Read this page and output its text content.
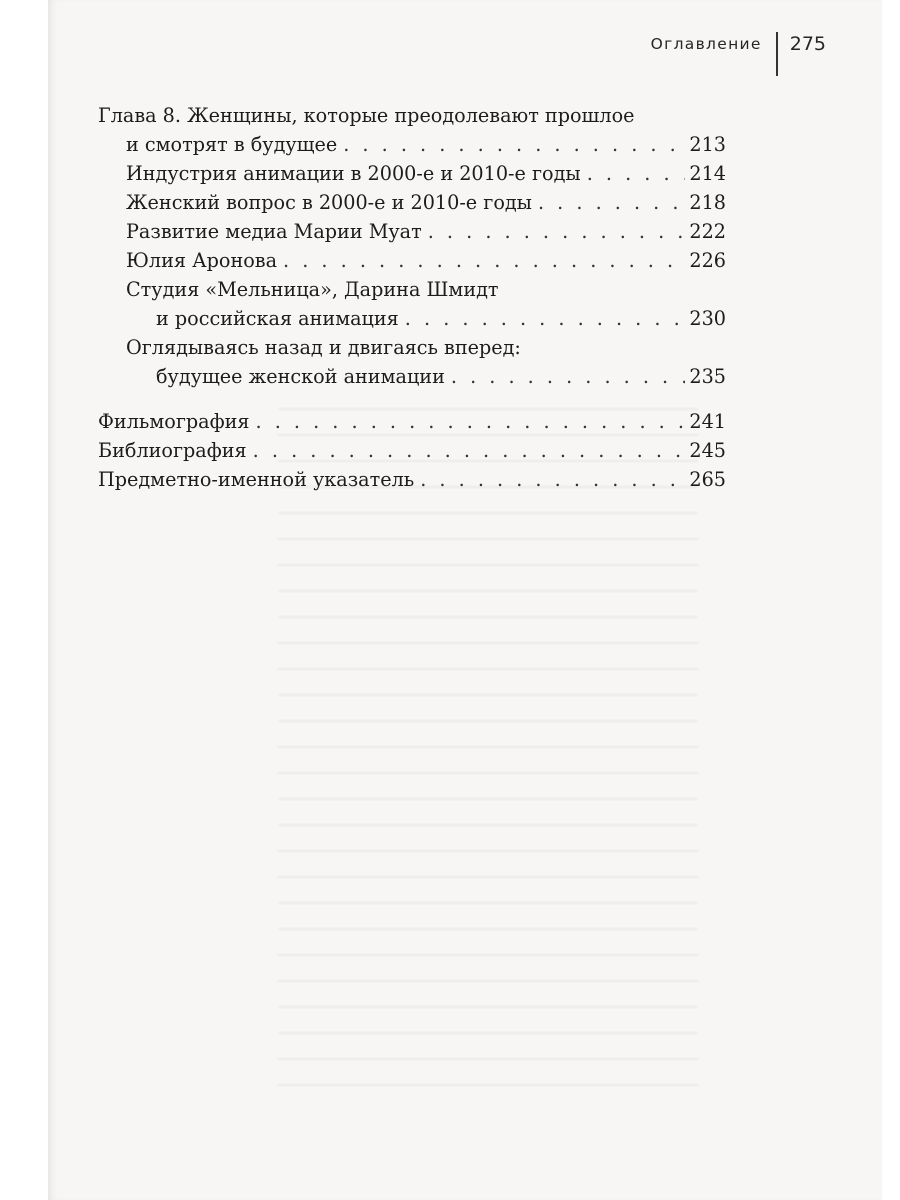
Оглавление 275
Глава 8. Женщины, которые преодолевают прошлое
и смотрят в будущее . . .	213
Индустрия анимации в 2000-е и 2010-е годы . . .	214
Женский вопрос в 2000-е и 2010-е годы . . .	218
Развитие медиа Марии Муат . . .	222
Юлия Аронова . . .	226
Студия «Мельница», Дарина Шмидт
и российская анимация . . .	230
Оглядываясь назад и двигаясь вперед:
будущее женской анимации . . .	235
Фильмография . . .	241
Библиография . . .	245
Предметно-именной указатель . . .	265
